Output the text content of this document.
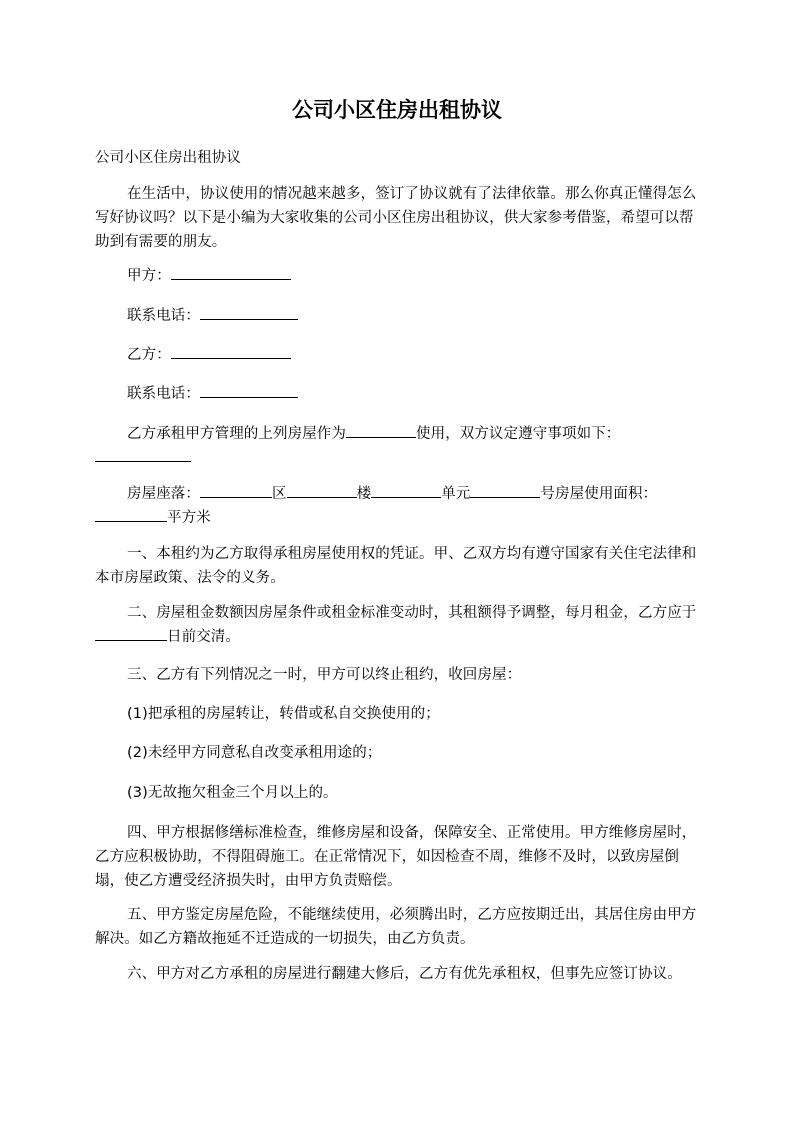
公司小区住房出租协议

公司小区住房出租协议

在生活中，协议使用的情况越来越多，签订了协议就有了法律依靠。那么你真正懂得怎么写好协议吗？以下是小编为大家收集的公司小区住房出租协议，供大家参考借鉴，希望可以帮助到有需要的朋友。

甲方：

联系电话：

乙方：

联系电话：

乙方承租甲方管理的上列房屋作为	使用，双方议定遵守事项如下：

房屋座落：	区	楼	单元	号房屋使用面积：
平方米

一、本租约为乙方取得承租房屋使用权的凭证。甲、乙双方均有遵守国家有关住宅法律和本市房屋政策、法令的义务。

二、房屋租金数额因房屋条件或租金标准变动时，其租额得予调整，每月租金，乙方应于日前交清。

三、乙方有下列情况之一时，甲方可以终止租约，收回房屋：

(1)把承租的房屋转让，转借或私自交换使用的；

(2)未经甲方同意私自改变承租用途的；

(3)无故拖欠租金三个月以上的。

四、甲方根据修缮标准检查，维修房屋和设备，保障安全、正常使用。甲方维修房屋时，乙方应积极协助，不得阻碍施工。在正常情况下，如因检查不周，维修不及时，以致房屋倒塌，使乙方遭受经济损失时，由甲方负责赔偿。

五、甲方鉴定房屋危险，不能继续使用，必须腾出时，乙方应按期迁出，其居住房由甲方解决。如乙方籍故拖延不迁造成的一切损失，由乙方负责。

六、甲方对乙方承租的房屋进行翻建大修后，乙方有优先承租权，但事先应签订协议。
